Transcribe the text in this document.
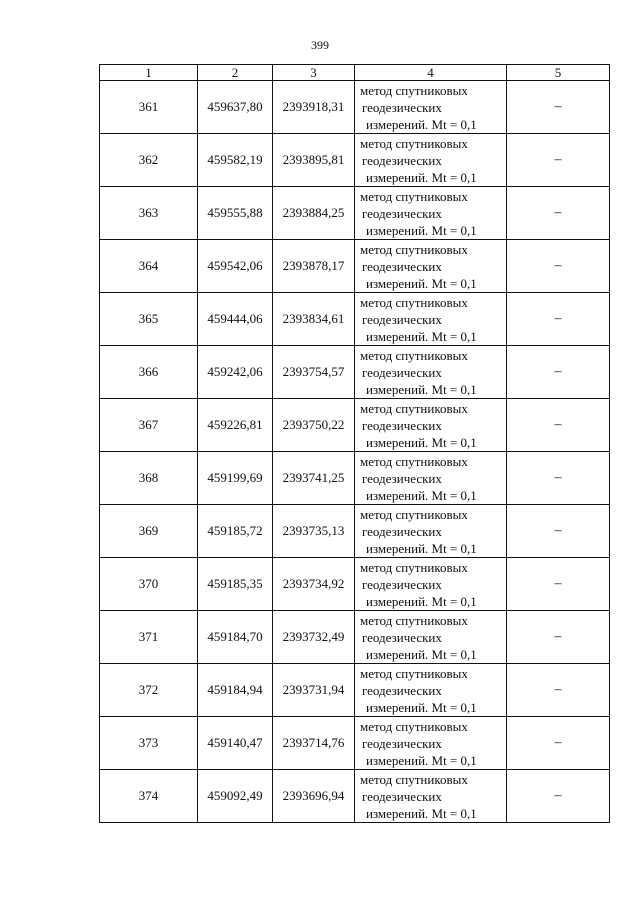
399
1	2	3	4	5
361	459637,80	2393918,31	метод спутниковых
геодезических
измерений. Mt = 0,1	–
362	459582,19	2393895,81	метод спутниковых
геодезических
измерений. Mt = 0,1	–
363	459555,88	2393884,25	метод спутниковых
геодезических
измерений. Mt = 0,1	–
364	459542,06	2393878,17	метод спутниковых
геодезических
измерений. Mt = 0,1	–
365	459444,06	2393834,61	метод спутниковых
геодезических
измерений. Mt = 0,1	–
366	459242,06	2393754,57	метод спутниковых
геодезических
измерений. Mt = 0,1	–
367	459226,81	2393750,22	метод спутниковых
геодезических
измерений. Mt = 0,1	–
368	459199,69	2393741,25	метод спутниковых
геодезических
измерений. Mt = 0,1	–
369	459185,72	2393735,13	метод спутниковых
геодезических
измерений. Mt = 0,1	–
370	459185,35	2393734,92	метод спутниковых
геодезических
измерений. Mt = 0,1	–
371	459184,70	2393732,49	метод спутниковых
геодезических
измерений. Mt = 0,1	–
372	459184,94	2393731,94	метод спутниковых
геодезических
измерений. Mt = 0,1	–
373	459140,47	2393714,76	метод спутниковых
геодезических
измерений. Mt = 0,1	–
374	459092,49	2393696,94	метод спутниковых
геодезических
измерений. Mt = 0,1	–
